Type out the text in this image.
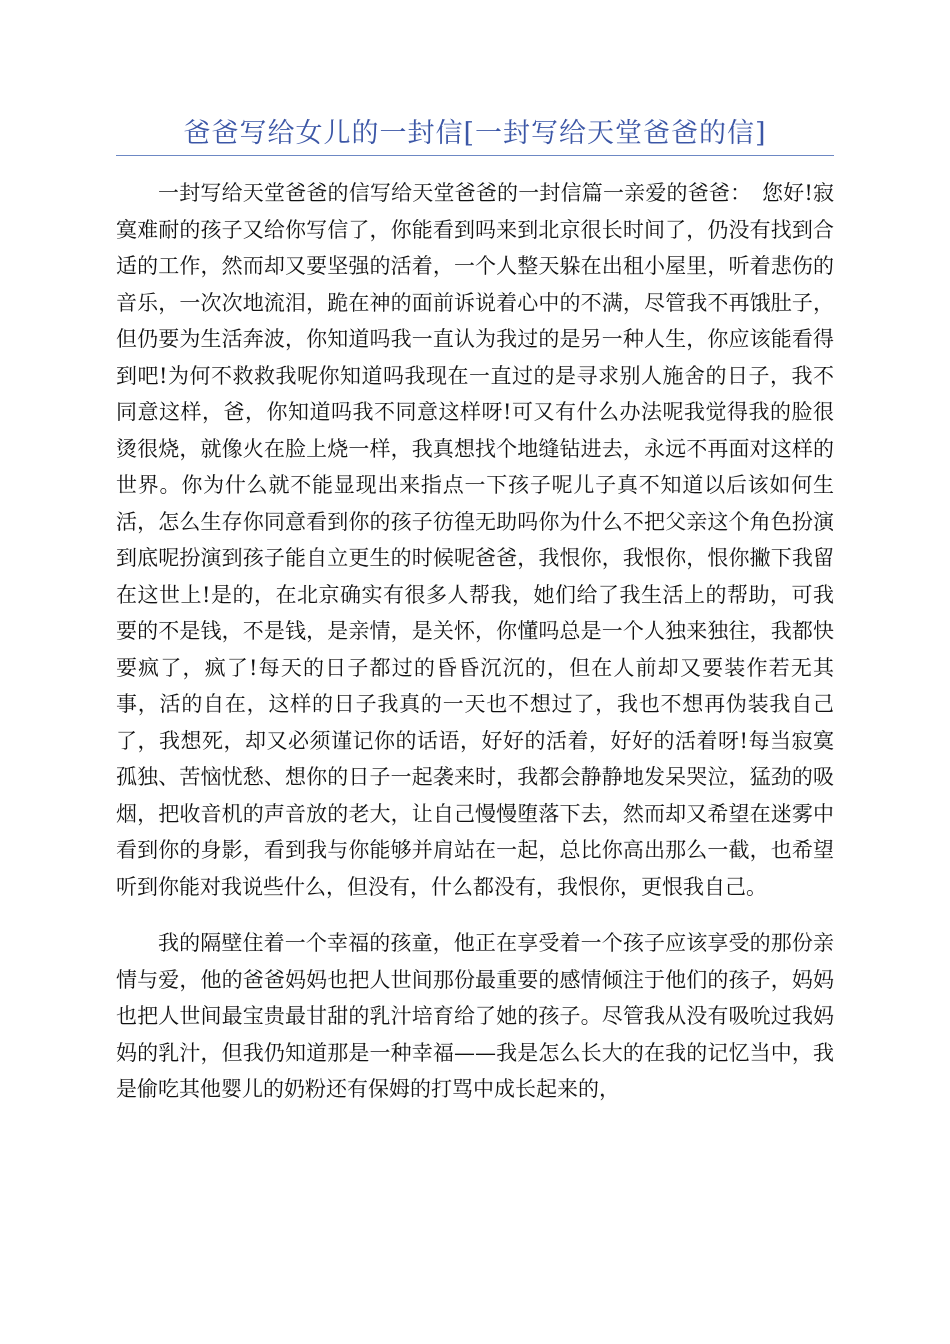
爸爸写给女儿的一封信[一封写给天堂爸爸的信]

一封写给天堂爸爸的信写给天堂爸爸的一封信篇一亲爱的爸爸：　您好!寂寞难耐的孩子又给你写信了，你能看到吗来到北京很长时间了，仍没有找到合适的工作，然而却又要坚强的活着，一个人整天躲在出租小屋里，听着悲伤的音乐，一次次地流泪，跪在神的面前诉说着心中的不满，尽管我不再饿肚子，但仍要为生活奔波，你知道吗我一直认为我过的是另一种人生，你应该能看得到吧!为何不救救我呢你知道吗我现在一直过的是寻求别人施舍的日子，我不同意这样，爸，你知道吗我不同意这样呀!可又有什么办法呢我觉得我的脸很烫很烧，就像火在脸上烧一样，我真想找个地缝钻进去，永远不再面对这样的世界。你为什么就不能显现出来指点一下孩子呢儿子真不知道以后该如何生活，怎么生存你同意看到你的孩子彷徨无助吗你为什么不把父亲这个角色扮演到底呢扮演到孩子能自立更生的时候呢爸爸，我恨你，我恨你，恨你撇下我留在这世上!是的，在北京确实有很多人帮我，她们给了我生活上的帮助，可我要的不是钱，不是钱，是亲情，是关怀，你懂吗总是一个人独来独往，我都快要疯了，疯了!每天的日子都过的昏昏沉沉的，但在人前却又要装作若无其事，活的自在，这样的日子我真的一天也不想过了，我也不想再伪装我自己了，我想死，却又必须谨记你的话语，好好的活着，好好的活着呀!每当寂寞孤独、苦恼忧愁、想你的日子一起袭来时，我都会静静地发呆哭泣，猛劲的吸烟，把收音机的声音放的老大，让自己慢慢堕落下去，然而却又希望在迷雾中看到你的身影，看到我与你能够并肩站在一起，总比你高出那么一截，也希望听到你能对我说些什么，但没有，什么都没有，我恨你，更恨我自己。

我的隔壁住着一个幸福的孩童，他正在享受着一个孩子应该享受的那份亲情与爱，他的爸爸妈妈也把人世间那份最重要的感情倾注于他们的孩子，妈妈也把人世间最宝贵最甘甜的乳汁培育给了她的孩子。尽管我从没有吸吮过我妈妈的乳汁，但我仍知道那是一种幸福——我是怎么长大的在我的记忆当中，我是偷吃其他婴儿的奶粉还有保姆的打骂中成长起来的，
